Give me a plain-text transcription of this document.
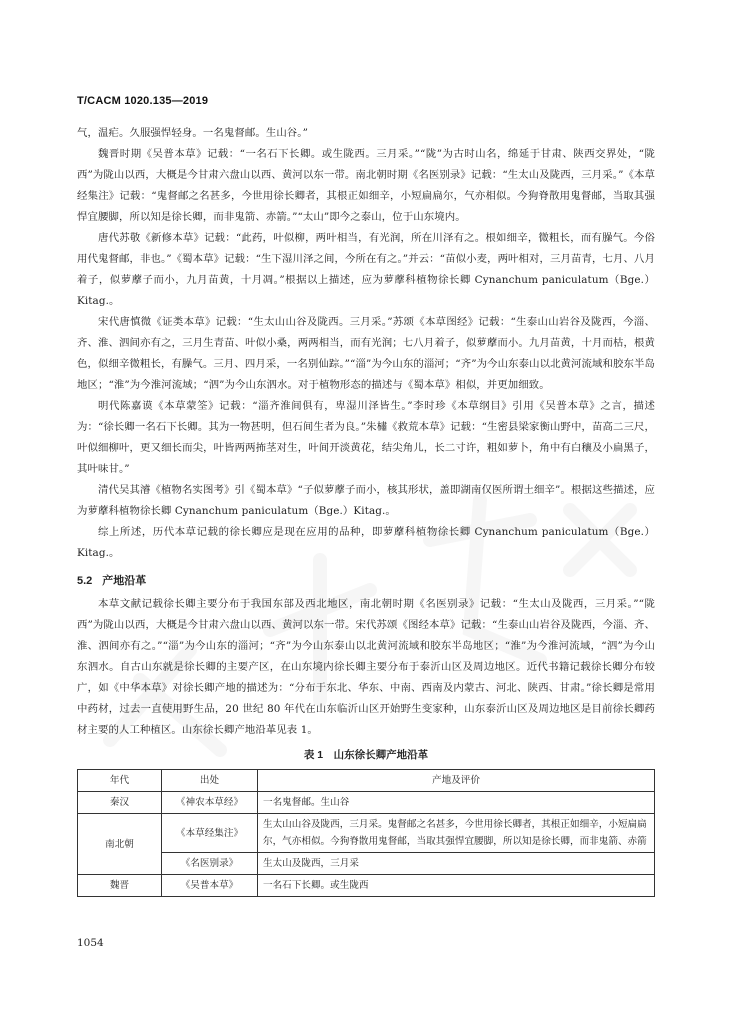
T/CACM 1020.135—2019

气，温疟。久服强悍轻身。一名鬼督邮。生山谷。”

魏晋时期《吴普本草》记载：“一名石下长卿。或生陇西。三月采。”“陇”为古时山名，绵延于甘肃、陕西交界处，“陇西”为陇山以西，大概是今甘肃六盘山以西、黄河以东一带。南北朝时期《名医别录》记载：“生太山及陇西，三月采。”《本草经集注》记载：“鬼督邮之名甚多，今世用徐长卿者，其根正如细辛，小短扁扁尔，气亦相似。今狗脊散用鬼督邮，当取其强悍宜腰脚，所以知是徐长卿，而非鬼箭、赤箭。”“太山”即今之泰山，位于山东境内。

唐代苏敬《新修本草》记载：“此药，叶似柳，两叶相当，有光润，所在川泽有之。根如细辛，微粗长，而有臊气。今俗用代鬼督邮，非也。”《蜀本草》记载：“生下湿川泽之间，今所在有之。”并云：“苗似小麦，两叶相对，三月苗青，七月、八月着子，似萝藦子而小，九月苗黄，十月凋。”根据以上描述，应为萝藦科植物徐长卿 Cynanchum paniculatum（Bge.）Kitag.。

宋代唐慎微《证类本草》记载：“生太山山谷及陇西。三月采。”苏颂《本草图经》记载：“生泰山山岩谷及陇西，今淄、齐、淮、泗间亦有之，三月生青苗、叶似小桑，两两相当，而有光润；七八月着子，似萝藦而小。九月苗黄，十月而枯，根黄色，似细辛微粗长，有臊气。三月、四月采，一名别仙踪。”“淄”为今山东的淄河；“齐”为今山东泰山以北黄河流域和胶东半岛地区；“淮”为今淮河流域；“泗”为今山东泗水。对于植物形态的描述与《蜀本草》相似，并更加细致。

明代陈嘉谟《本草蒙筌》记载：“淄齐淮间俱有，卑湿川泽皆生。”李时珍《本草纲目》引用《吴普本草》之言，描述为：“徐长卿一名石下长卿。其为一物甚明，但石间生者为良。”朱橚《救荒本草》记载：“生密县梁家衡山野中，苗高二三尺，叶似细柳叶，更又细长而尖，叶皆两两抪茎对生，叶间开淡黄花，结尖角儿，长二寸许，粗如萝卜，角中有白穰及小扁黑子，其叶味甘。”

清代吴其濬《植物名实图考》引《蜀本草》“子似萝藦子而小，核其形状，盖即湖南仅医所谓土细辛”。根据这些描述，应为萝藦科植物徐长卿 Cynanchum paniculatum（Bge.）Kitag.。

综上所述，历代本草记载的徐长卿应是现在应用的品种，即萝藦科植物徐长卿 Cynanchum paniculatum（Bge.）Kitag.。

5.2 产地沿革

本草文献记载徐长卿主要分布于我国东部及西北地区，南北朝时期《名医别录》记载：“生太山及陇西，三月采。”“陇西”为陇山以西，大概是今甘肃六盘山以西、黄河以东一带。宋代苏颂《图经本草》记载：“生泰山山岩谷及陇西，今淄、齐、淮、泗间亦有之。”“淄”为今山东的淄河；“齐”为今山东泰山以北黄河流域和胶东半岛地区；“淮”为今淮河流域，“泗”为今山东泗水。自古山东就是徐长卿的主要产区，在山东境内徐长卿主要分布于泰沂山区及周边地区。近代书籍记载徐长卿分布较广，如《中华本草》对徐长卿产地的描述为：“分布于东北、华东、中南、西南及内蒙古、河北、陕西、甘肃。”徐长卿是常用中药材，过去一直使用野生品，20 世纪 80 年代在山东临沂山区开始野生变家种，山东泰沂山区及周边地区是目前徐长卿药材主要的人工种植区。山东徐长卿产地沿革见表 1。

表 1　山东徐长卿产地沿革
年代	出处	产地及评价
秦汉	《神农本草经》	一名鬼督邮。生山谷
南北朝	《本草经集注》	生太山山谷及陇西，三月采。鬼督邮之名甚多，今世用徐长卿者，其根正如细辛，小短扁扁尔，气亦相似。今狗脊散用鬼督邮，当取其强悍宜腰脚，所以知是徐长卿，而非鬼箭、赤箭
	《名医别录》	生太山及陇西，三月采
魏晋	《吴普本草》	一名石下长卿。或生陇西
1054
